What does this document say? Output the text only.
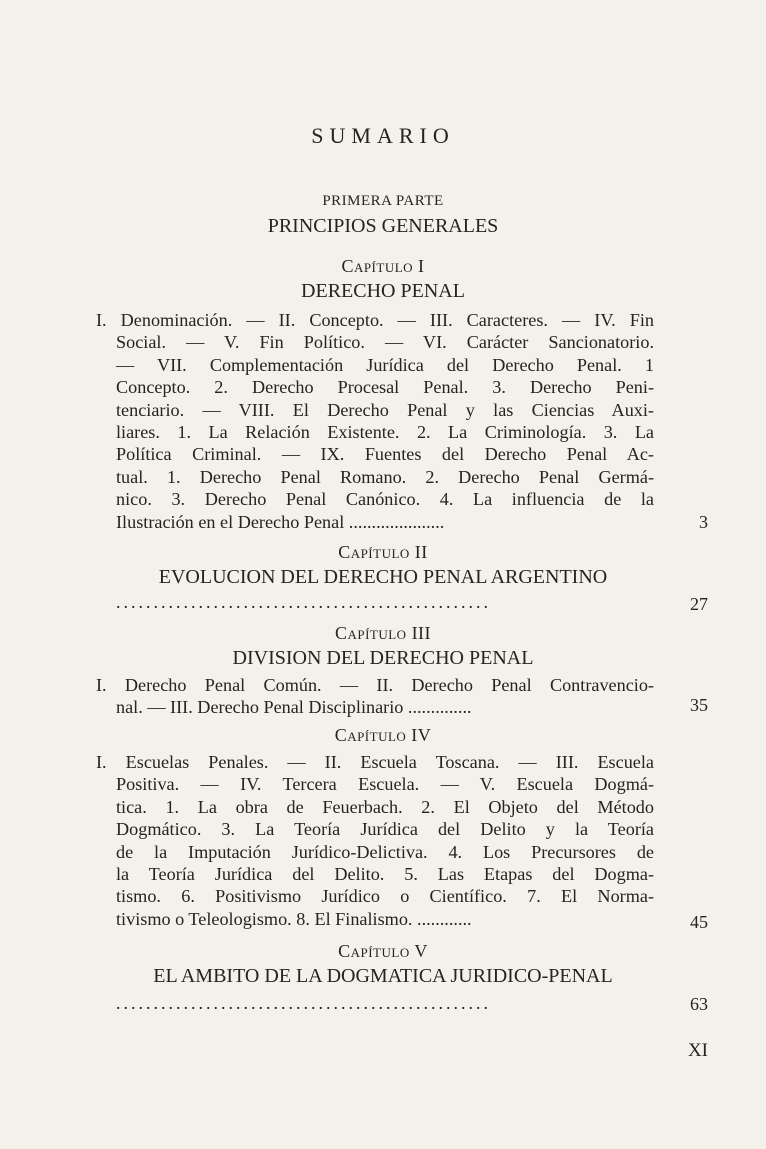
SUMARIO
PRIMERA PARTE
PRINCIPIOS GENERALES
Capítulo I
DERECHO PENAL
I. Denominación. — II. Concepto. — III. Caracteres. — IV. Fin
Social. — V. Fin Político. — VI. Carácter Sancionatorio.
— VII. Complementación Jurídica del Derecho Penal. 1
Concepto. 2. Derecho Procesal Penal. 3. Derecho Peni-
tenciario. — VIII. El Derecho Penal y las Ciencias Auxi-
liares. 1. La Relación Existente. 2. La Criminología. 3. La
Política Criminal. — IX. Fuentes del Derecho Penal Ac-
tual. 1. Derecho Penal Romano. 2. Derecho Penal Germá-
nico. 3. Derecho Penal Canónico. 4. La influencia de la
Ilustración en el Derecho Penal .....................	3
Capítulo II
EVOLUCION DEL DERECHO PENAL ARGENTINO
..................................................	27
Capítulo III
DIVISION DEL DERECHO PENAL
I. Derecho Penal Común. — II. Derecho Penal Contravencio-
nal. — III. Derecho Penal Disciplinario ..............	35
Capítulo IV
I. Escuelas Penales. — II. Escuela Toscana. — III. Escuela
Positiva. — IV. Tercera Escuela. — V. Escuela Dogmá-
tica. 1. La obra de Feuerbach. 2. El Objeto del Método
Dogmático. 3. La Teoría Jurídica del Delito y la Teoría
de la Imputación Jurídico-Delictiva. 4. Los Precursores de
la Teoría Jurídica del Delito. 5. Las Etapas del Dogma-
tismo. 6. Positivismo Jurídico o Científico. 7. El Norma-
tivismo o Teleologismo. 8. El Finalismo. ............	45
Capítulo V
EL AMBITO DE LA DOGMATICA JURIDICO-PENAL
..................................................	63
XI
